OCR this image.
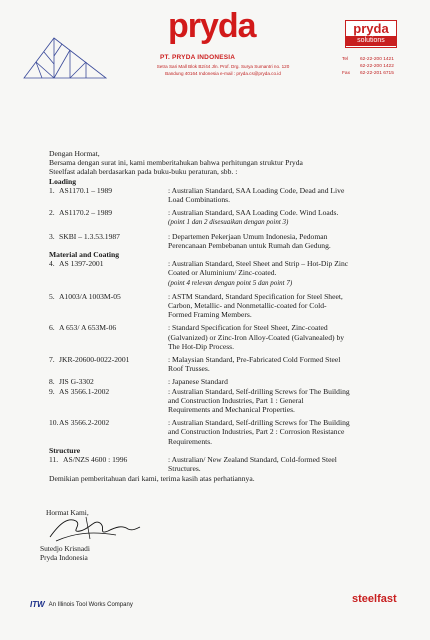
pryda
PT. PRYDA INDONESIA
Setra Sari Mall Blok B2/44 Jln. Prof. Drg. Surya Sumantri no. 120
Bandung 40164 Indonesia e-mail : pryda.cs@pryda.co.id
pryda
solutions
Tel	62-22-200 1421
62-22-200 1422
Fax	62-22-201 6715

Dengan Hormat,

Bersama dengan surat ini, kami memberitahukan bahwa perhitungan struktur Pryda

Steelfast adalah berdasarkan pada buku-buku peraturan, sbb. :

Loading

1. AS1170.1 – 1989	: Australian Standard, SAA Loading Code, Dead and Live
Load Combinations.
2. AS1170.2 – 1989	: Australian Standard, SAA Loading Code. Wind Loads.
(point 1 dan 2 disesuaikan dengan point 3)
3. SKBI – 1.3.53.1987	: Departemen Pekerjaan Umum Indonesia, Pedoman
Perencanaan Pembebanan untuk Rumah dan Gedung.

Material and Coating

4. AS 1397-2001	: Australian Standard, Steel Sheet and Strip – Hot-Dip Zinc
Coated or Aluminium/ Zinc-coated.
(point 4 relevan dengan point 5 dan point 7)
5. A1003/A 1003M-05	: ASTM Standard, Standard Specification for Steel Sheet,
Carbon, Metallic- and Nonmetallic-coated for Cold-
Formed Framing Members.
6. A 653/ A 653M-06	: Standard Specification for Steel Sheet, Zinc-coated
(Galvanized) or Zinc-Iron Alloy-Coated (Galvanealed) by
The Hot-Dip Process.
7. JKR-20600-0022-2001	: Malaysian Standard, Pre-Fabricated Cold Formed Steel
Roof Trusses.
8. JIS G-3302	: Japanese Standard
9. AS 3566.1-2002	: Australian Standard, Self-drilling Screws for The Building
and Construction Industries, Part 1 : General
Requirements and Mechanical Properties.
10. AS 3566.2-2002	: Australian Standard, Self-drilling Screws for The Building
and Construction Industries, Part 2 : Corrosion Resistance
Requirements.

Structure

11. AS/NZS 4600 : 1996	: Australian/ New Zealand Standard, Cold-formed Steel
Structures.

Demikian pemberitahuan dari kami, terima kasih atas perhatiannya.

Hormat Kami,
Sutedjo Krisnadi
Pryda Indonesia
ITW An Illinois Tool Works Company	steelfast
